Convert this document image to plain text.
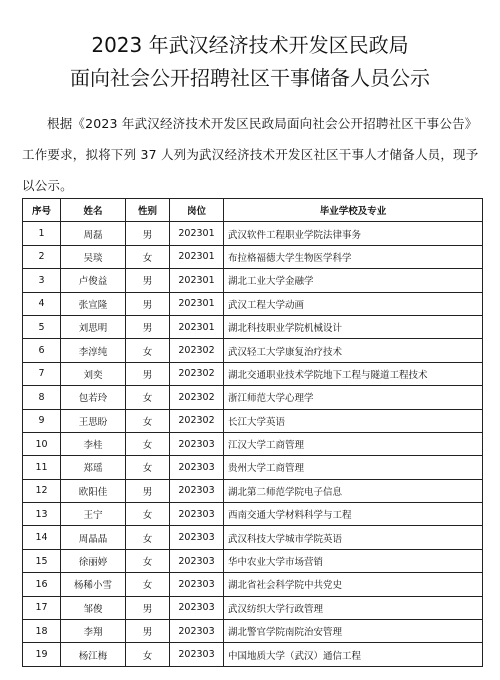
2023 年武汉经济技术开发区民政局
面向社会公开招聘社区干事储备人员公示

根据《2023 年武汉经济技术开发区民政局面向社会公开招聘社区干事公告》工作要求，拟将下列 37 人列为武汉经济技术开发区社区干事人才储备人员，现予以公示。

序号	姓名	性别	岗位	毕业学校及专业
1	周磊	男	202301	武汉软件工程职业学院法律事务
2	吴琰	女	202301	布拉格福德大学生物医学科学
3	卢俊益	男	202301	湖北工业大学金融学
4	张宣隆	男	202301	武汉工程大学动画
5	刘思明	男	202301	湖北科技职业学院机械设计
6	李淳纯	女	202302	武汉轻工大学康复治疗技术
7	刘奕	男	202302	湖北交通职业技术学院地下工程与隧道工程技术
8	包若玲	女	202302	浙江师范大学心理学
9	王思盼	女	202302	长江大学英语
10	李桂	女	202303	江汉大学工商管理
11	郑瑶	女	202303	贵州大学工商管理
12	欧阳佳	男	202303	湖北第二师范学院电子信息
13	王宁	女	202303	西南交通大学材料科学与工程
14	周晶晶	女	202303	武汉科技大学城市学院英语
15	徐丽婷	女	202303	华中农业大学市场营销
16	杨稀小雪	女	202303	湖北省社会科学院中共党史
17	邹俊	男	202303	武汉纺织大学行政管理
18	李翔	男	202303	湖北警官学院南院治安管理
19	杨江梅	女	202303	中国地质大学（武汉）通信工程
